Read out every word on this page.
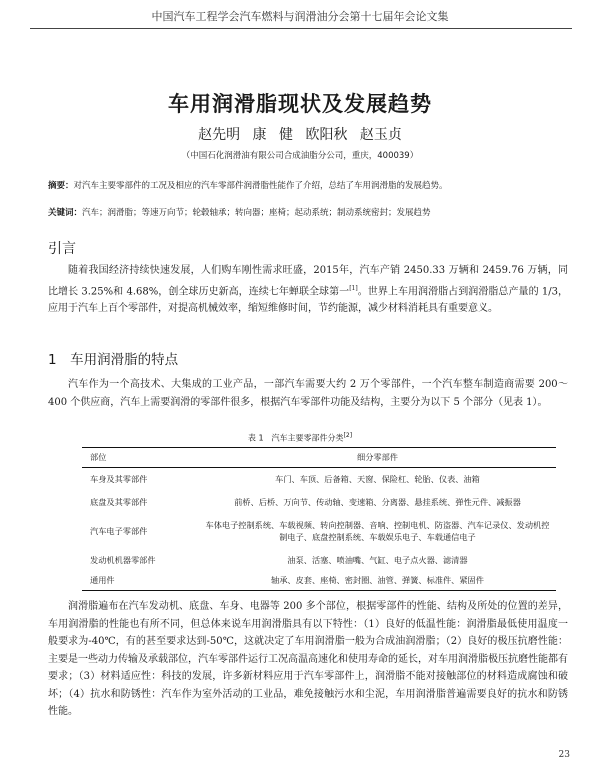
中国汽车工程学会汽车燃料与润滑油分会第十七届年会论文集
车用润滑脂现状及发展趋势
赵先明 康 健 欧阳秋 赵玉贞
（中国石化润滑油有限公司合成油脂分公司，重庆，400039）
摘要：对汽车主要零部件的工况及相应的汽车零部件润滑脂性能作了介绍，总结了车用润滑脂的发展趋势。
关键词：汽车；润滑脂；等速万向节；轮毂轴承；转向器；座椅；起动系统；制动系统密封；发展趋势
引言

随着我国经济持续快速发展，人们购车刚性需求旺盛，2015年，汽车产销 2450.33 万辆和 2459.76 万辆，同比增长 3.25%和 4.68%，创全球历史新高，连续七年蝉联全球第一[1]。世界上车用润滑脂占到润滑脂总产量的 1/3，应用于汽车上百个零部件，对提高机械效率，缩短维修时间，节约能源，减少材料消耗具有重要意义。

1　车用润滑脂的特点

汽车作为一个高技术、大集成的工业产品，一部汽车需要大约 2 万个零部件，一个汽车整车制造商需要 200～400 个供应商，汽车上需要润滑的零部件很多，根据汽车零部件功能及结构，主要分为以下 5 个部分（见表 1）。

表 1　汽车主要零部件分类[2]
部位	细分零部件
车身及其零部件	车门、车顶、后备箱、天窗、保险杠、轮胎、仪表、油箱
底盘及其零部件	前桥、后桥、万向节、传动轴、变速箱、分离器、悬挂系统、弹性元件、减振器
汽车电子零部件	车体电子控制系统、车载视频、转向控制器、音响、控制电机、防盗器、汽车记录仪、发动机控制电子、底盘控制系统、车载娱乐电子、车载通信电子
发动机机器零部件	油泵、活塞、喷油嘴、气缸、电子点火器、滤清器
通用件	轴承、皮套、座椅、密封圈、油管、弹簧、标准件、紧固件

润滑脂遍布在汽车发动机、底盘、车身、电器等 200 多个部位，根据零部件的性能、结构及所处的位置的差异，车用润滑脂的性能也有所不同，但总体来说车用润滑脂具有以下特性：（1）良好的低温性能：润滑脂最低使用温度一般要求为-40℃，有的甚至要求达到-50℃，这就决定了车用润滑脂一般为合成油润滑脂；（2）良好的极压抗磨性能：主要是一些动力传输及承载部位，汽车零部件运行工况高温高速化和使用寿命的延长，对车用润滑脂极压抗磨性能都有要求；（3）材料适应性：科技的发展，许多新材料应用于汽车零部件上，润滑脂不能对接触部位的材料造成腐蚀和破坏；（4）抗水和防锈性：汽车作为室外活动的工业品，难免接触污水和尘泥，车用润滑脂普遍需要良好的抗水和防锈性能。

23
